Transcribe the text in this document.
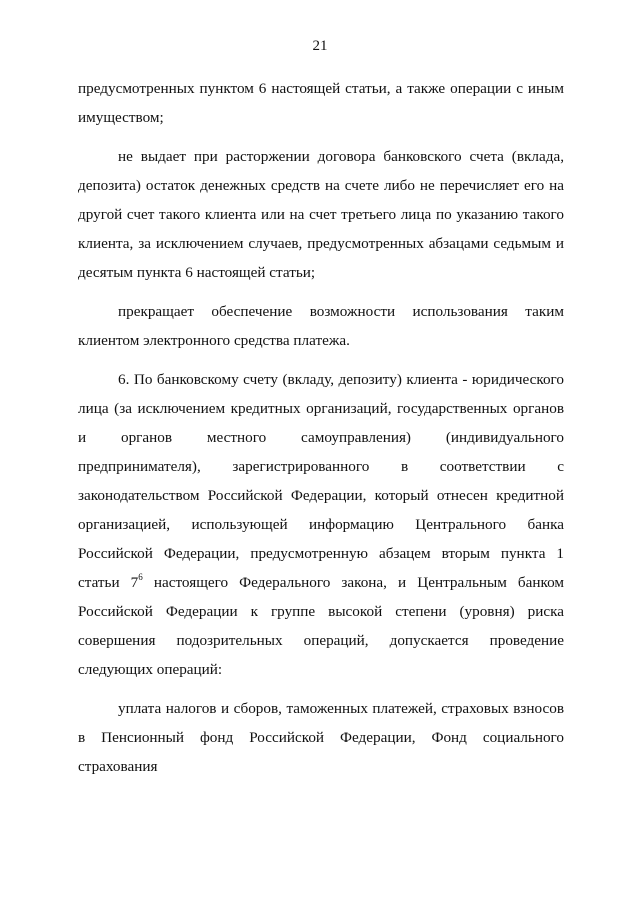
21

предусмотренных пунктом 6 настоящей статьи, а также операции с иным имуществом;

не выдает при расторжении договора банковского счета (вклада, депозита) остаток денежных средств на счете либо не перечисляет его на другой счет такого клиента или на счет третьего лица по указанию такого клиента, за исключением случаев, предусмотренных абзацами седьмым и десятым пункта 6 настоящей статьи;

прекращает обеспечение возможности использования таким клиентом электронного средства платежа.

6. По банковскому счету (вкладу, депозиту) клиента - юридического лица (за исключением кредитных организаций, государственных органов и органов местного самоуправления) (индивидуального предпринимателя), зарегистрированного в соответствии с законодательством Российской Федерации, который отнесен кредитной организацией, использующей информацию Центрального банка Российской Федерации, предусмотренную абзацем вторым пункта 1 статьи $7^6$ настоящего Федерального закона, и Центральным банком Российской Федерации к группе высокой степени (уровня) риска совершения подозрительных операций, допускается проведение следующих операций:

уплата налогов и сборов, таможенных платежей, страховых взносов в Пенсионный фонд Российской Федерации, Фонд социального страхования
